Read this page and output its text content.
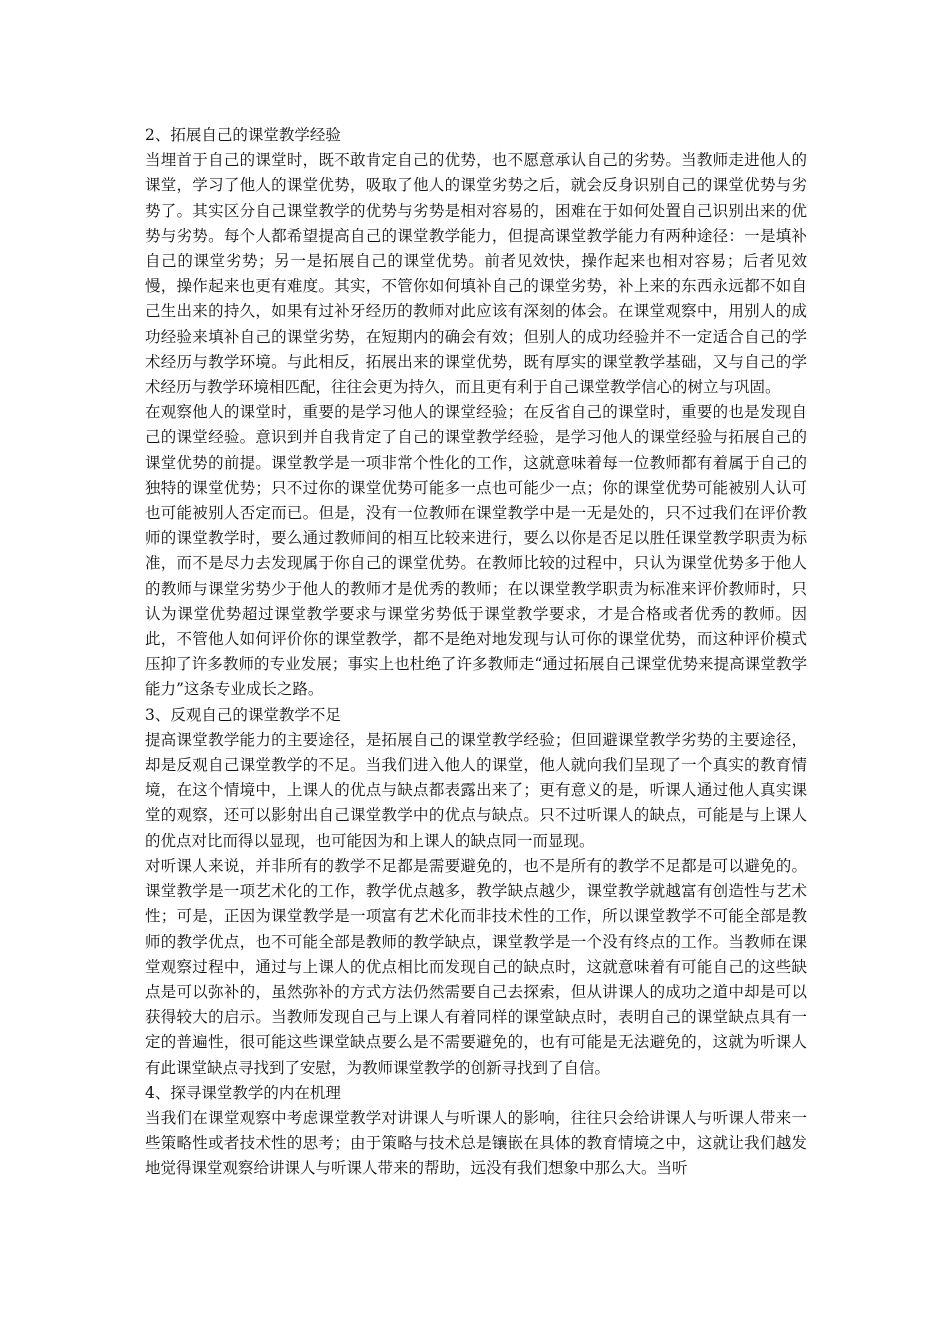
2、拓展自己的课堂教学经验

当埋首于自己的课堂时，既不敢肯定自己的优势，也不愿意承认自己的劣势。当教师走进他人的课堂，学习了他人的课堂优势，吸取了他人的课堂劣势之后，就会反身识别自己的课堂优势与劣势了。其实区分自己课堂教学的优势与劣势是相对容易的，困难在于如何处置自己识别出来的优势与劣势。每个人都希望提高自己的课堂教学能力，但提高课堂教学能力有两种途径：一是填补自己的课堂劣势；另一是拓展自己的课堂优势。前者见效快，操作起来也相对容易；后者见效慢，操作起来也更有难度。其实，不管你如何填补自己的课堂劣势，补上来的东西永远都不如自己生出来的持久，如果有过补牙经历的教师对此应该有深刻的体会。在课堂观察中，用别人的成功经验来填补自己的课堂劣势，在短期内的确会有效；但别人的成功经验并不一定适合自己的学术经历与教学环境。与此相反，拓展出来的课堂优势，既有厚实的课堂教学基础，又与自己的学术经历与教学环境相匹配，往往会更为持久，而且更有利于自己课堂教学信心的树立与巩固。

在观察他人的课堂时，重要的是学习他人的课堂经验；在反省自己的课堂时，重要的也是发现自己的课堂经验。意识到并自我肯定了自己的课堂教学经验，是学习他人的课堂经验与拓展自己的课堂优势的前提。课堂教学是一项非常个性化的工作，这就意味着每一位教师都有着属于自己的独特的课堂优势；只不过你的课堂优势可能多一点也可能少一点；你的课堂优势可能被别人认可也可能被别人否定而已。但是，没有一位教师在课堂教学中是一无是处的，只不过我们在评价教师的课堂教学时，要么通过教师间的相互比较来进行，要么以你是否足以胜任课堂教学职责为标准，而不是尽力去发现属于你自己的课堂优势。在教师比较的过程中，只认为课堂优势多于他人的教师与课堂劣势少于他人的教师才是优秀的教师；在以课堂教学职责为标准来评价教师时，只认为课堂优势超过课堂教学要求与课堂劣势低于课堂教学要求，才是合格或者优秀的教师。因此，不管他人如何评价你的课堂教学，都不是绝对地发现与认可你的课堂优势，而这种评价模式压抑了许多教师的专业发展；事实上也杜绝了许多教师走“通过拓展自己课堂优势来提高课堂教学能力”这条专业成长之路。

3、反观自己的课堂教学不足

提高课堂教学能力的主要途径，是拓展自己的课堂教学经验；但回避课堂教学劣势的主要途径，却是反观自己课堂教学的不足。当我们进入他人的课堂，他人就向我们呈现了一个真实的教育情境，在这个情境中，上课人的优点与缺点都表露出来了；更有意义的是，听课人通过他人真实课堂的观察，还可以影射出自己课堂教学中的优点与缺点。只不过听课人的缺点，可能是与上课人的优点对比而得以显现，也可能因为和上课人的缺点同一而显现。

对听课人来说，并非所有的教学不足都是需要避免的，也不是所有的教学不足都是可以避免的。课堂教学是一项艺术化的工作，教学优点越多，教学缺点越少，课堂教学就越富有创造性与艺术性；可是，正因为课堂教学是一项富有艺术化而非技术性的工作，所以课堂教学不可能全部是教师的教学优点，也不可能全部是教师的教学缺点，课堂教学是一个没有终点的工作。当教师在课堂观察过程中，通过与上课人的优点相比而发现自己的缺点时，这就意味着有可能自己的这些缺点是可以弥补的，虽然弥补的方式方法仍然需要自己去探索，但从讲课人的成功之道中却是可以获得较大的启示。当教师发现自己与上课人有着同样的课堂缺点时，表明自己的课堂缺点具有一定的普遍性，很可能这些课堂缺点要么是不需要避免的，也有可能是无法避免的，这就为听课人有此课堂缺点寻找到了安慰，为教师课堂教学的创新寻找到了自信。

4、探寻课堂教学的内在机理

当我们在课堂观察中考虑课堂教学对讲课人与听课人的影响，往往只会给讲课人与听课人带来一些策略性或者技术性的思考；由于策略与技术总是镶嵌在具体的教育情境之中，这就让我们越发地觉得课堂观察给讲课人与听课人带来的帮助，远没有我们想象中那么大。当听
